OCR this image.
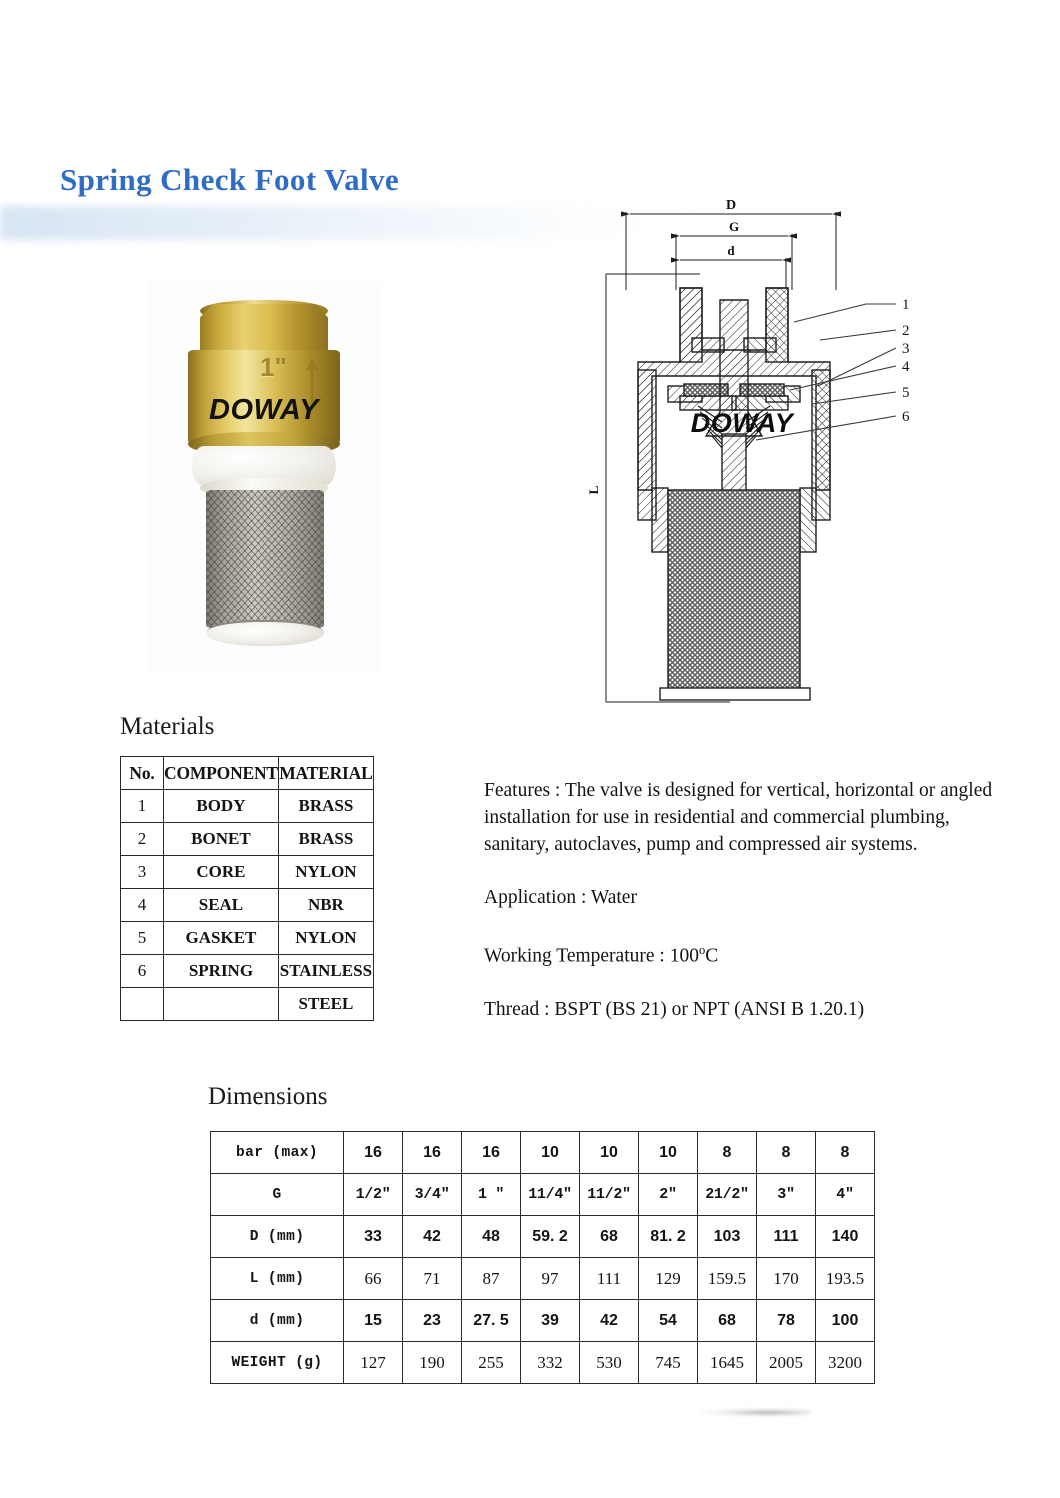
Spring Check Foot Valve
1"
DOWAY
D
G
d
L
1
2
3
4
5
6
DOWAY
Materials
No.	COMPONENT	MATERIAL
1	BODY	BRASS
2	BONET	BRASS
3	CORE	NYLON
4	SEAL	NBR
5	GASKET	NYLON
6	SPRING	STAINLESS
		STEEL

Features : The valve is designed for vertical, horizontal or angled installation for use in residential and commercial plumbing, sanitary, autoclaves, pump and compressed air systems.

Application : Water

Working Temperature : 100$^o$C

Thread : BSPT (BS 21) or NPT (ANSI B 1.20.1)

Dimensions
bar (max)	16	16	16	10	10	10	8	8	8
G	1/2"	3/4"	1 "	11/4"	11/2"	2"	21/2"	3"	4"
D (mm)	33	42	48	59. 2	68	81. 2	103	111	140
L (mm)	66	71	87	97	111	129	159.5	170	193.5
d (mm)	15	23	27. 5	39	42	54	68	78	100
WEIGHT (g)	127	190	255	332	530	745	1645	2005	3200
